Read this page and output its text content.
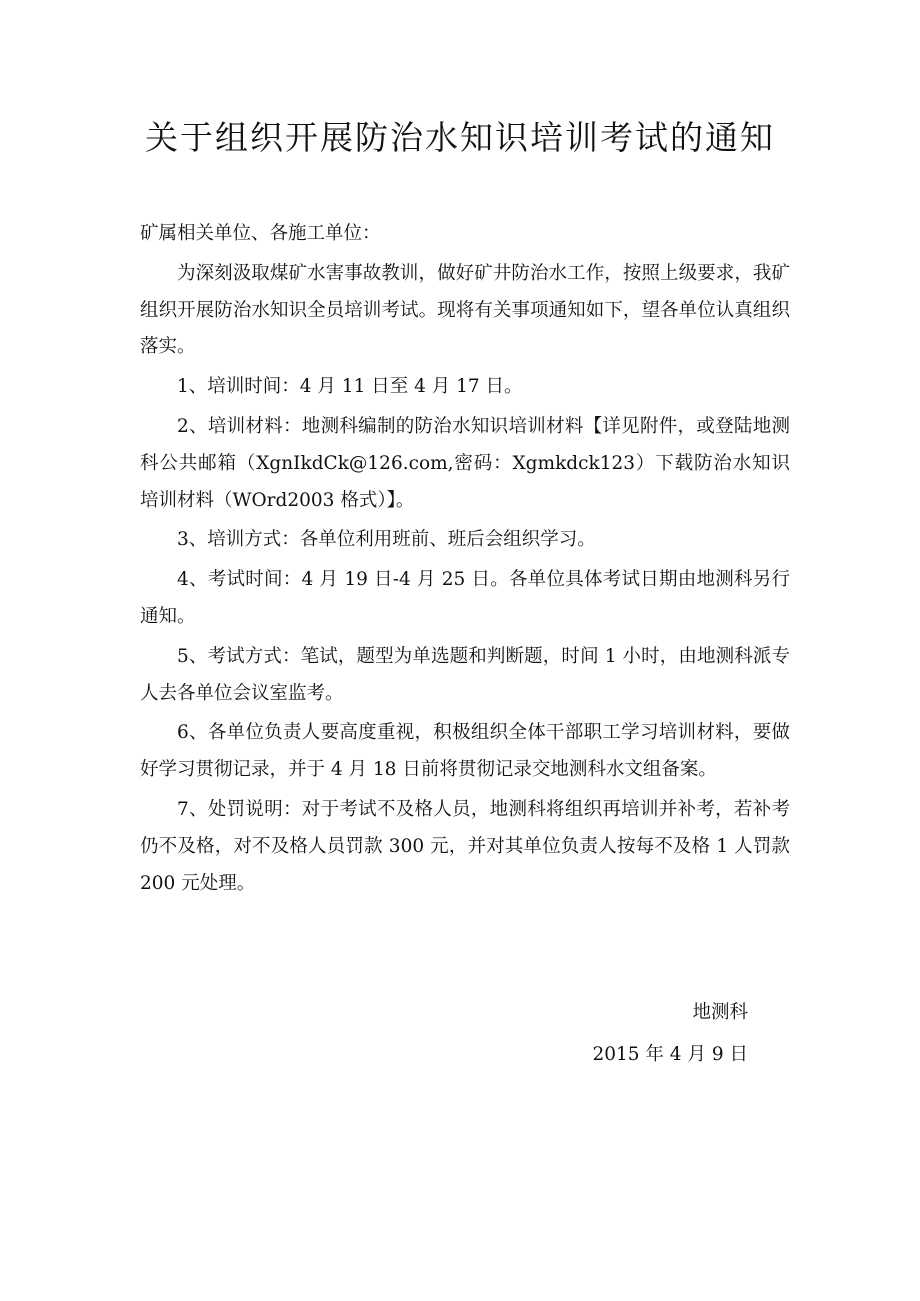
关于组织开展防治水知识培训考试的通知

矿属相关单位、各施工单位：

为深刻汲取煤矿水害事故教训，做好矿井防治水工作，按照上级要求，我矿组织开展防治水知识全员培训考试。现将有关事项通知如下，望各单位认真组织落实。

1、培训时间：4 月 11 日至 4 月 17 日。

2、培训材料：地测科编制的防治水知识培训材料【详见附件，或登陆地测科公共邮箱（XgnIkdCk@126.com,密码：Xgmkdck123）下载防治水知识培训材料（WOrd2003 格式）】。

3、培训方式：各单位利用班前、班后会组织学习。

4、考试时间：4 月 19 日-4 月 25 日。各单位具体考试日期由地测科另行通知。

5、考试方式：笔试，题型为单选题和判断题，时间 1 小时，由地测科派专人去各单位会议室监考。

6、各单位负责人要高度重视，积极组织全体干部职工学习培训材料，要做好学习贯彻记录，并于 4 月 18 日前将贯彻记录交地测科水文组备案。

7、处罚说明：对于考试不及格人员，地测科将组织再培训并补考，若补考仍不及格，对不及格人员罚款 300 元，并对其单位负责人按每不及格 1 人罚款 200 元处理。

地测科
2015 年 4 月 9 日
